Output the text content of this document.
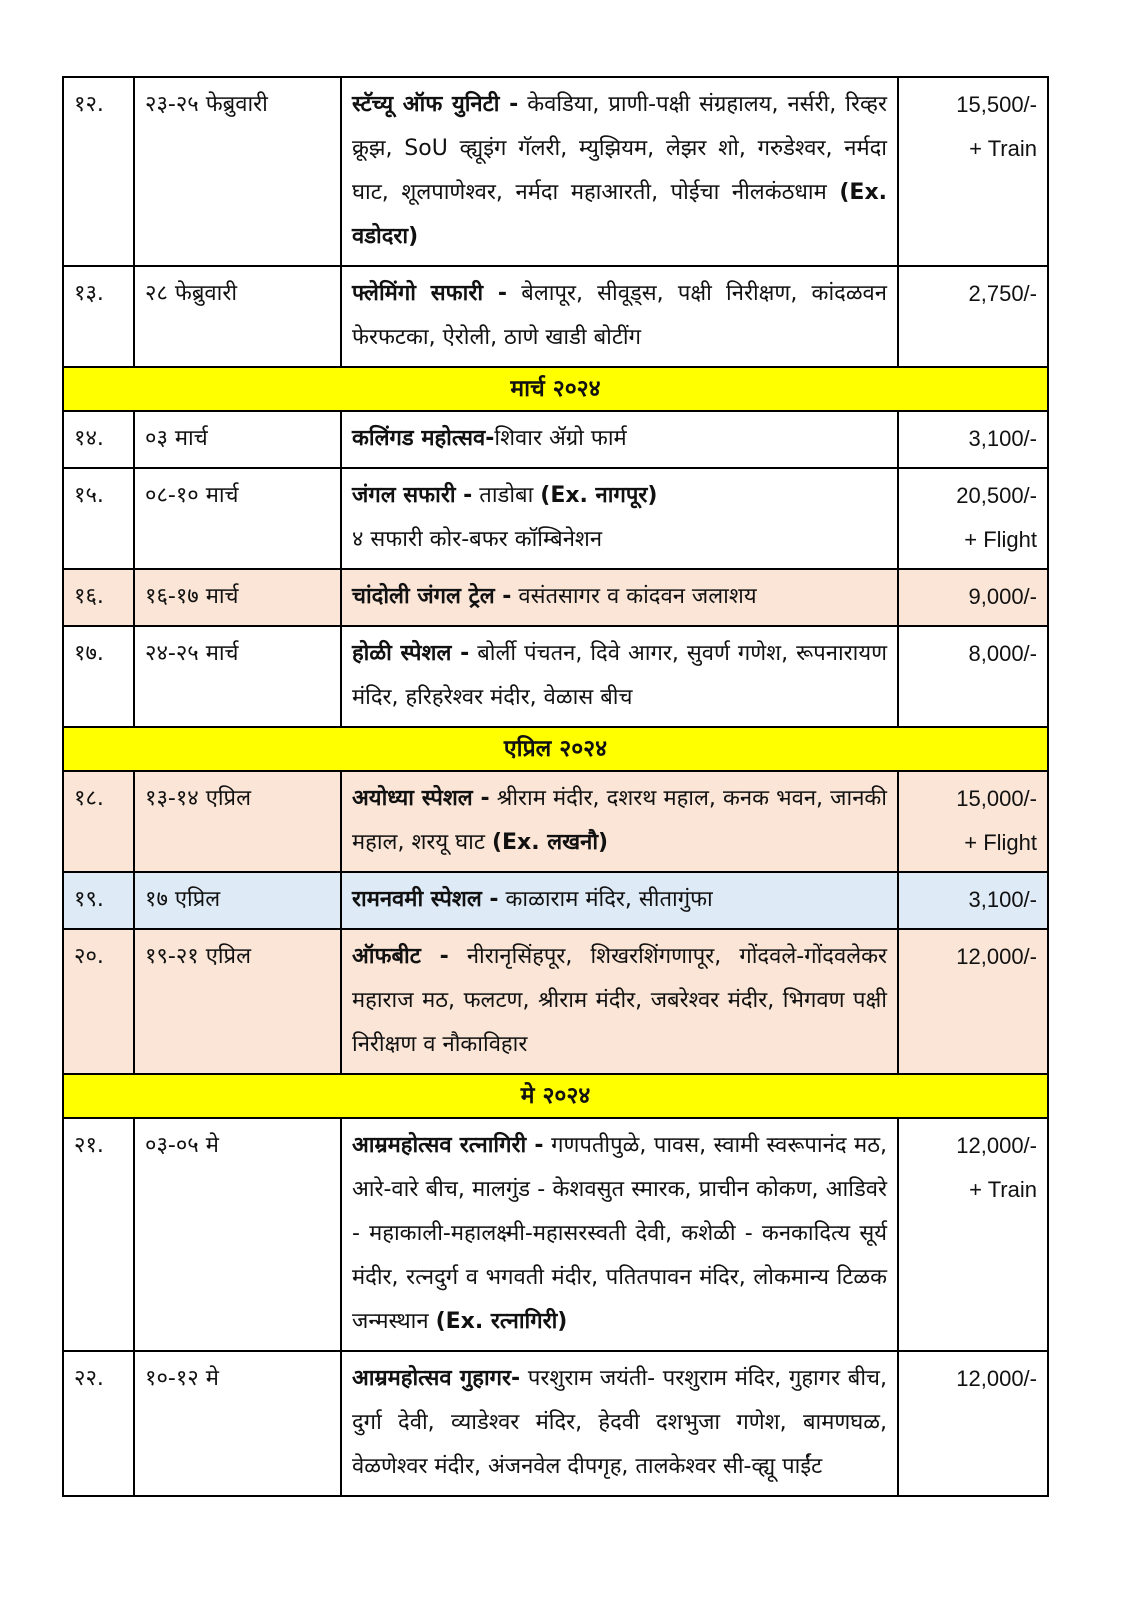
१२.	२३-२५ फेब्रुवारी	स्टॅच्यू ऑफ युनिटी - केवडिया, प्राणी-पक्षी संग्रहालय, नर्सरी, रिव्हर क्रूझ, SoU व्ह्यूइंग गॅलरी, म्युझियम, लेझर शो, गरुडेश्वर, नर्मदा घाट, शूलपाणेश्वर, नर्मदा महाआरती, पोईचा नीलकंठधाम (Ex. वडोदरा)	15,500/-
+ Train

१३.	२८ फेब्रुवारी	फ्लेमिंगो सफारी - बेलापूर, सीवूड्स, पक्षी निरीक्षण, कांदळवन फेरफटका, ऐरोली, ठाणे खाडी बोटींग	2,750/-

मार्च २०२४			
१४.	०३ मार्च	कलिंगड महोत्सव-शिवार ॲग्रो फार्म	3,100/-

१५.	०८-१० मार्च	जंगल सफारी - ताडोबा (Ex. नागपूर)
४ सफारी कोर-बफर कॉम्बिनेशन	20,500/-
+ Flight

१६.	१६-१७ मार्च	चांदोली जंगल ट्रेल - वसंतसागर व कांदवन जलाशय	9,000/-

१७.	२४-२५ मार्च	होळी स्पेशल - बोर्ली पंचतन, दिवे आगर, सुवर्ण गणेश, रूपनारायण मंदिर, हरिहरेश्वर मंदीर, वेळास बीच	8,000/-

एप्रिल २०२४			
१८.	१३-१४ एप्रिल	अयोध्या स्पेशल - श्रीराम मंदीर, दशरथ महाल, कनक भवन, जानकी महाल, शरयू घाट (Ex. लखनौ)	15,000/-
+ Flight

१९.	१७ एप्रिल	रामनवमी स्पेशल - काळाराम मंदिर, सीतागुंफा	3,100/-

२०.	१९-२१ एप्रिल	ऑफबीट - नीरानृसिंहपूर, शिखरशिंगणापूर, गोंदवले-गोंदवलेकर महाराज मठ, फलटण, श्रीराम मंदीर, जबरेश्वर मंदीर, भिगवण पक्षी निरीक्षण व नौकाविहार	12,000/-

मे २०२४			
२१.	०३-०५ मे	आम्रमहोत्सव रत्नागिरी - गणपतीपुळे, पावस, स्वामी स्वरूपानंद मठ, आरे-वारे बीच, मालगुंड - केशवसुत स्मारक, प्राचीन कोकण, आडिवरे - महाकाली-महालक्ष्मी-महासरस्वती देवी, कशेळी - कनकादित्य सूर्य मंदीर, रत्नदुर्ग व भगवती मंदीर, पतितपावन मंदिर, लोकमान्य टिळक जन्मस्थान (Ex. रत्नागिरी)	12,000/-
+ Train

२२.	१०-१२ मे	आम्रमहोत्सव गुहागर- परशुराम जयंती- परशुराम मंदिर, गुहागर बीच, दुर्गा देवी, व्याडेश्वर मंदिर, हेदवी दशभुजा गणेश, बामणघळ, वेळणेश्वर मंदीर, अंजनवेल दीपगृह, तालकेश्वर सी-व्ह्यू पाईंट	12,000/-
